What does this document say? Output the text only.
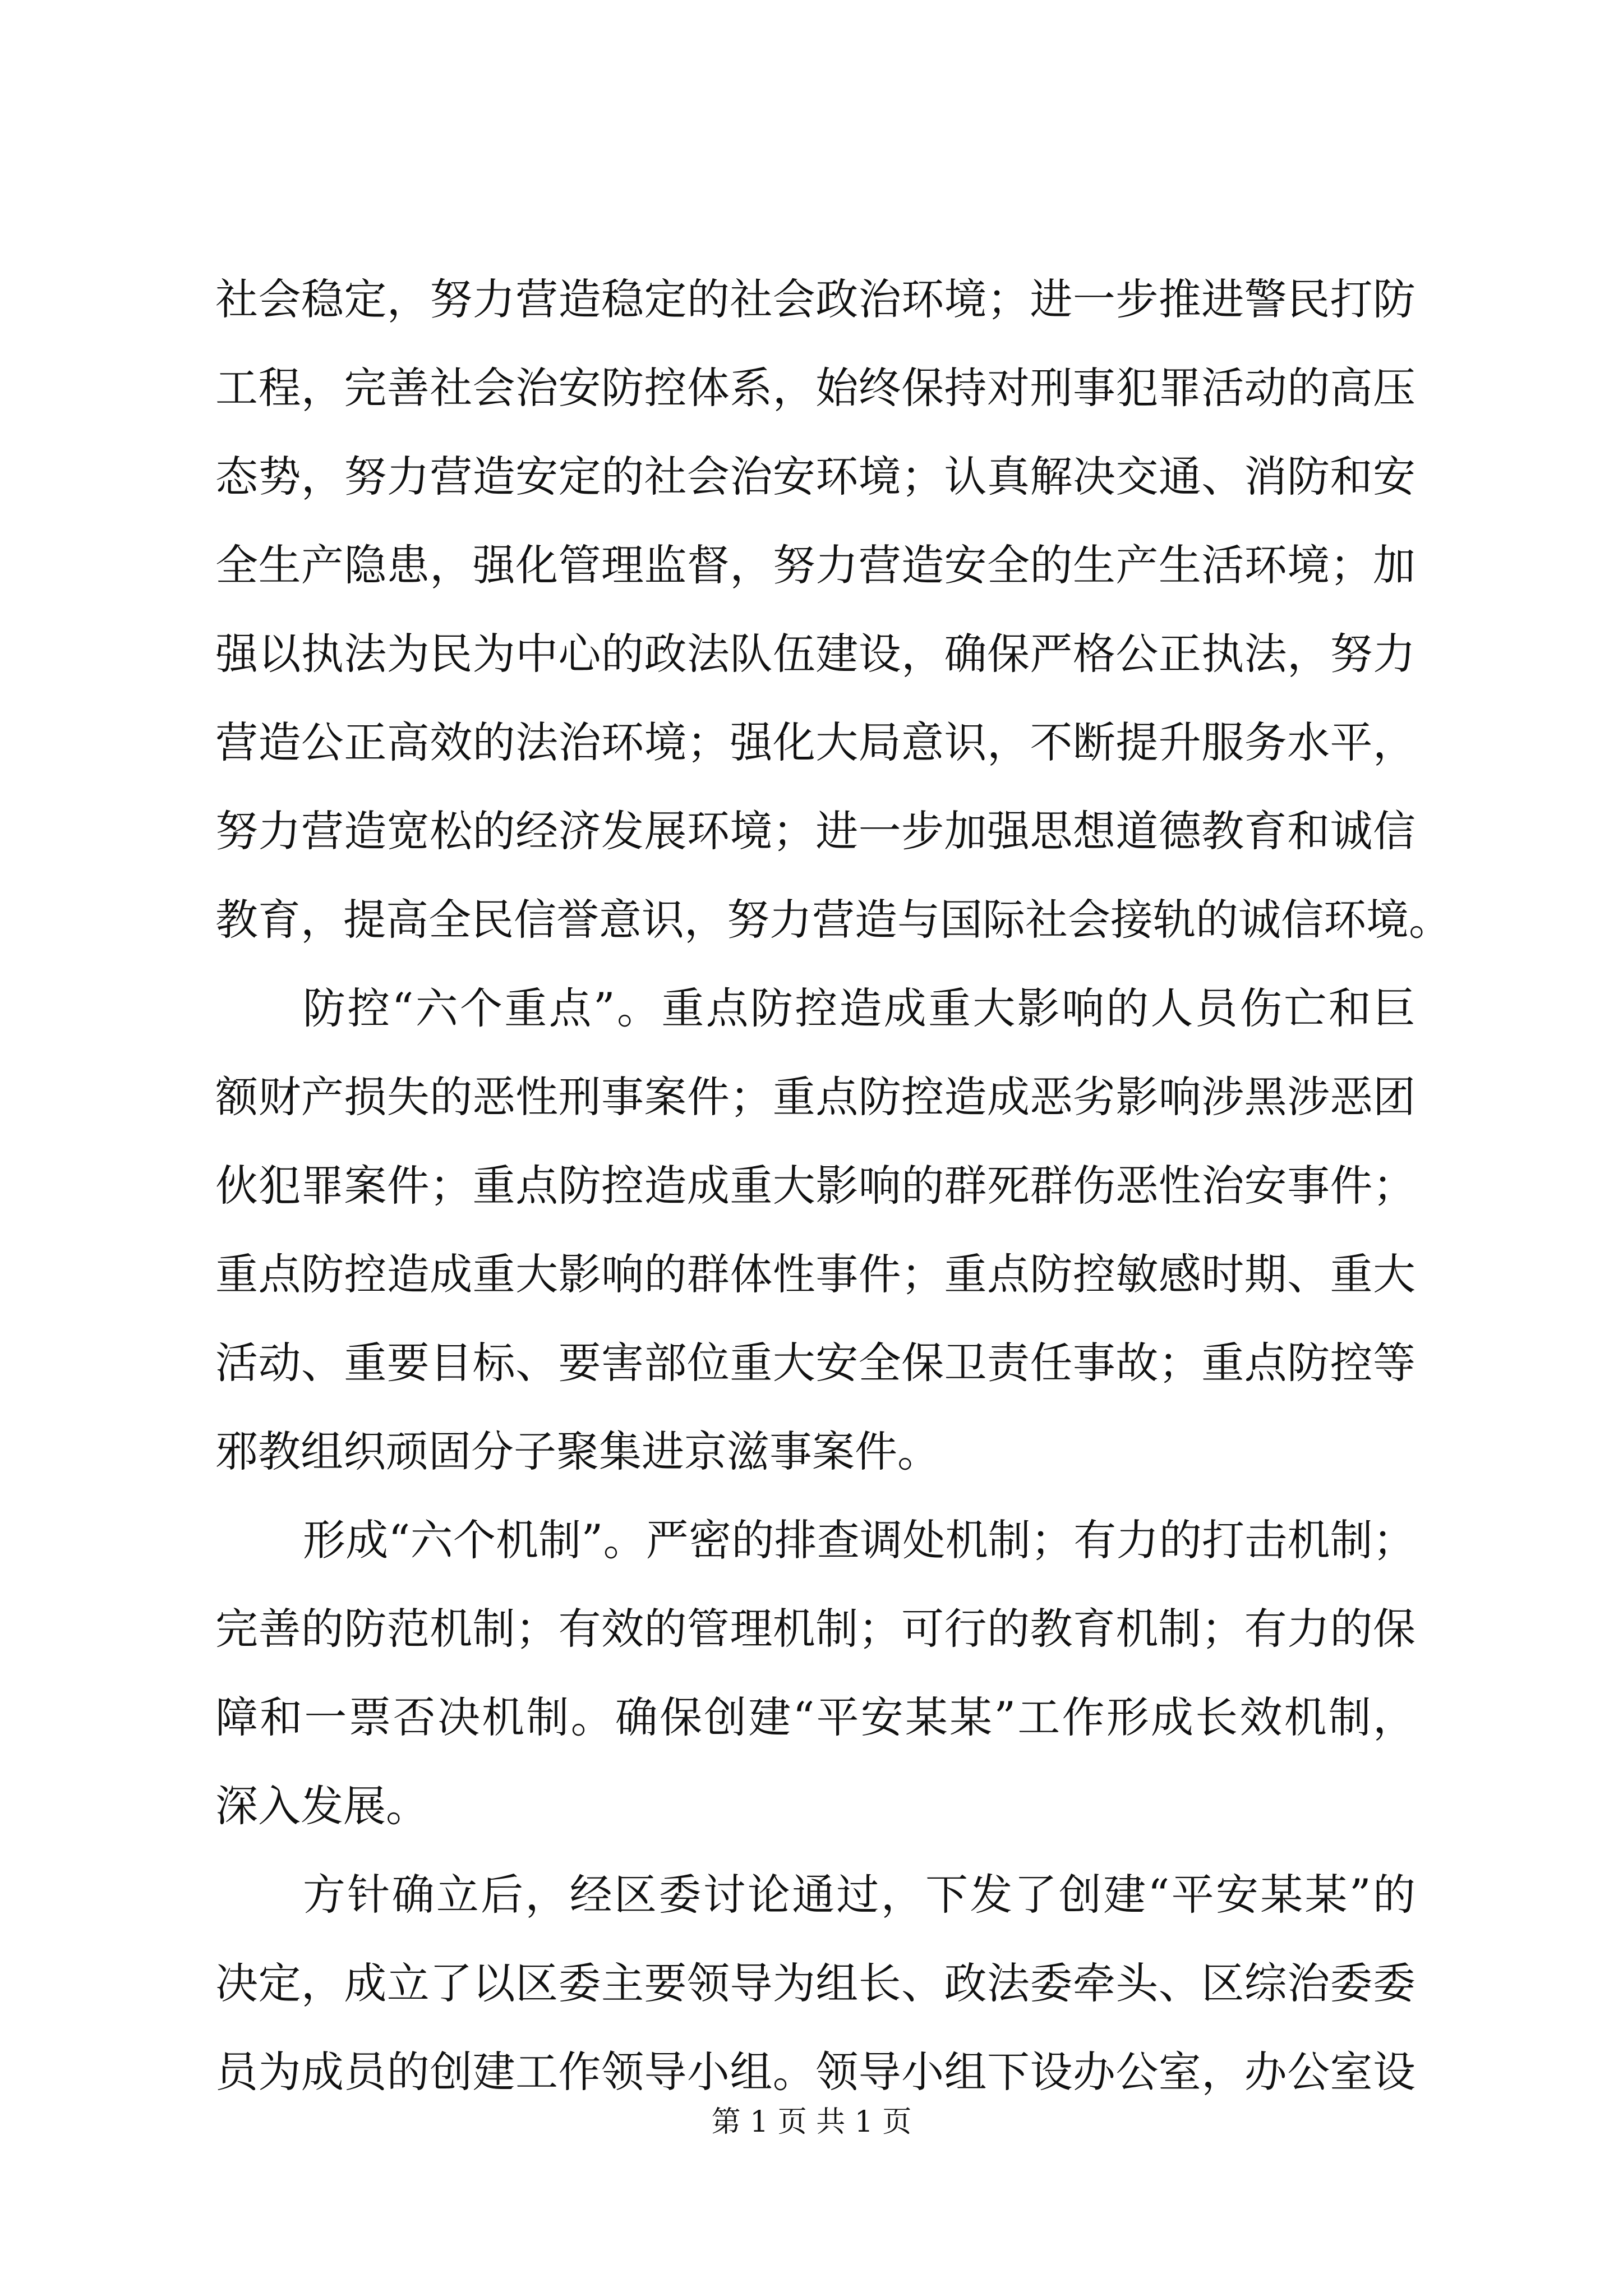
社会稳定，努力营造稳定的社会政治环境；进一步推进警民打防
工程，完善社会治安防控体系，始终保持对刑事犯罪活动的高压
态势，努力营造安定的社会治安环境；认真解决交通、消防和安
全生产隐患，强化管理监督，努力营造安全的生产生活环境；加
强以执法为民为中心的政法队伍建设，确保严格公正执法，努力
营造公正高效的法治环境；强化大局意识，不断提升服务水平，
努力营造宽松的经济发展环境；进一步加强思想道德教育和诚信
教育，提高全民信誉意识，努力营造与国际社会接轨的诚信环境。
防控“六个重点”。重点防控造成重大影响的人员伤亡和巨
额财产损失的恶性刑事案件；重点防控造成恶劣影响涉黑涉恶团
伙犯罪案件；重点防控造成重大影响的群死群伤恶性治安事件；
重点防控造成重大影响的群体性事件；重点防控敏感时期、重大
活动、重要目标、要害部位重大安全保卫责任事故；重点防控等
邪教组织顽固分子聚集进京滋事案件。
形成“六个机制”。严密的排查调处机制；有力的打击机制；
完善的防范机制；有效的管理机制；可行的教育机制；有力的保
障和一票否决机制。确保创建“平安某某”工作形成长效机制，
深入发展。
方针确立后，经区委讨论通过，下发了创建“平安某某”的
决定，成立了以区委主要领导为组长、政法委牵头、区综治委委
员为成员的创建工作领导小组。领导小组下设办公室，办公室设
第 1 页 共 1 页
